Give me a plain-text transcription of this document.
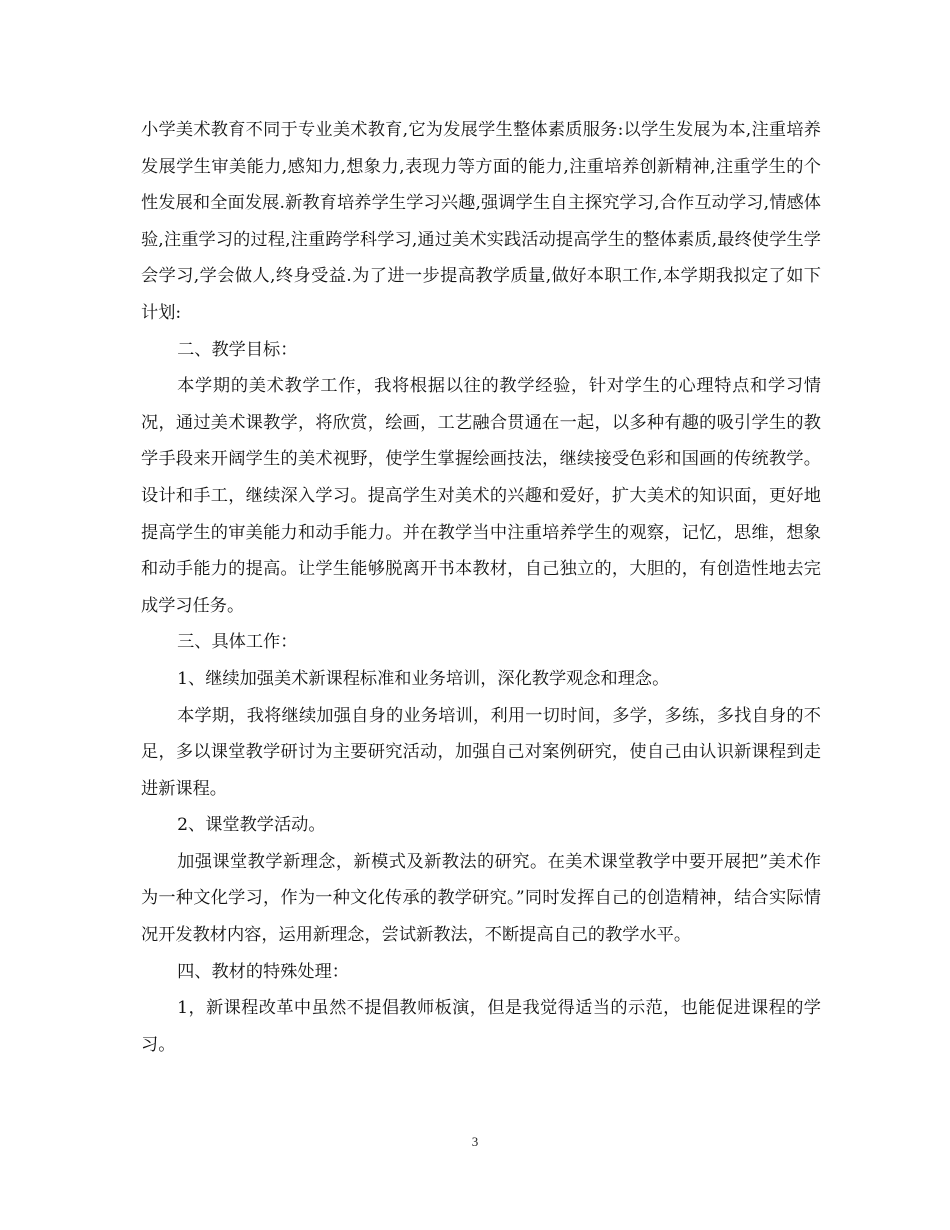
小学美术教育不同于专业美术教育,它为发展学生整体素质服务:以学生发展为本,注重培养发展学生审美能力,感知力,想象力,表现力等方面的能力,注重培养创新精神,注重学生的个性发展和全面发展.新教育培养学生学习兴趣,强调学生自主探究学习,合作互动学习,情感体验,注重学习的过程,注重跨学科学习,通过美术实践活动提高学生的整体素质,最终使学生学会学习,学会做人,终身受益.为了进一步提高教学质量,做好本职工作,本学期我拟定了如下计划:

二、教学目标：

本学期的美术教学工作，我将根据以往的教学经验，针对学生的心理特点和学习情况，通过美术课教学，将欣赏，绘画，工艺融合贯通在一起，以多种有趣的吸引学生的教学手段来开阔学生的美术视野，使学生掌握绘画技法，继续接受色彩和国画的传统教学。设计和手工，继续深入学习。提高学生对美术的兴趣和爱好，扩大美术的知识面，更好地提高学生的审美能力和动手能力。并在教学当中注重培养学生的观察，记忆，思维，想象和动手能力的提高。让学生能够脱离开书本教材，自己独立的，大胆的，有创造性地去完成学习任务。

三、具体工作：

1、继续加强美术新课程标准和业务培训，深化教学观念和理念。

本学期，我将继续加强自身的业务培训，利用一切时间，多学，多练，多找自身的不足，多以课堂教学研讨为主要研究活动，加强自己对案例研究，使自己由认识新课程到走进新课程。

2、课堂教学活动。

加强课堂教学新理念，新模式及新教法的研究。在美术课堂教学中要开展把”美术作为一种文化学习，作为一种文化传承的教学研究。”同时发挥自己的创造精神，结合实际情况开发教材内容，运用新理念，尝试新教法，不断提高自己的教学水平。

四、教材的特殊处理：

1，新课程改革中虽然不提倡教师板演，但是我觉得适当的示范，也能促进课程的学习。

3
